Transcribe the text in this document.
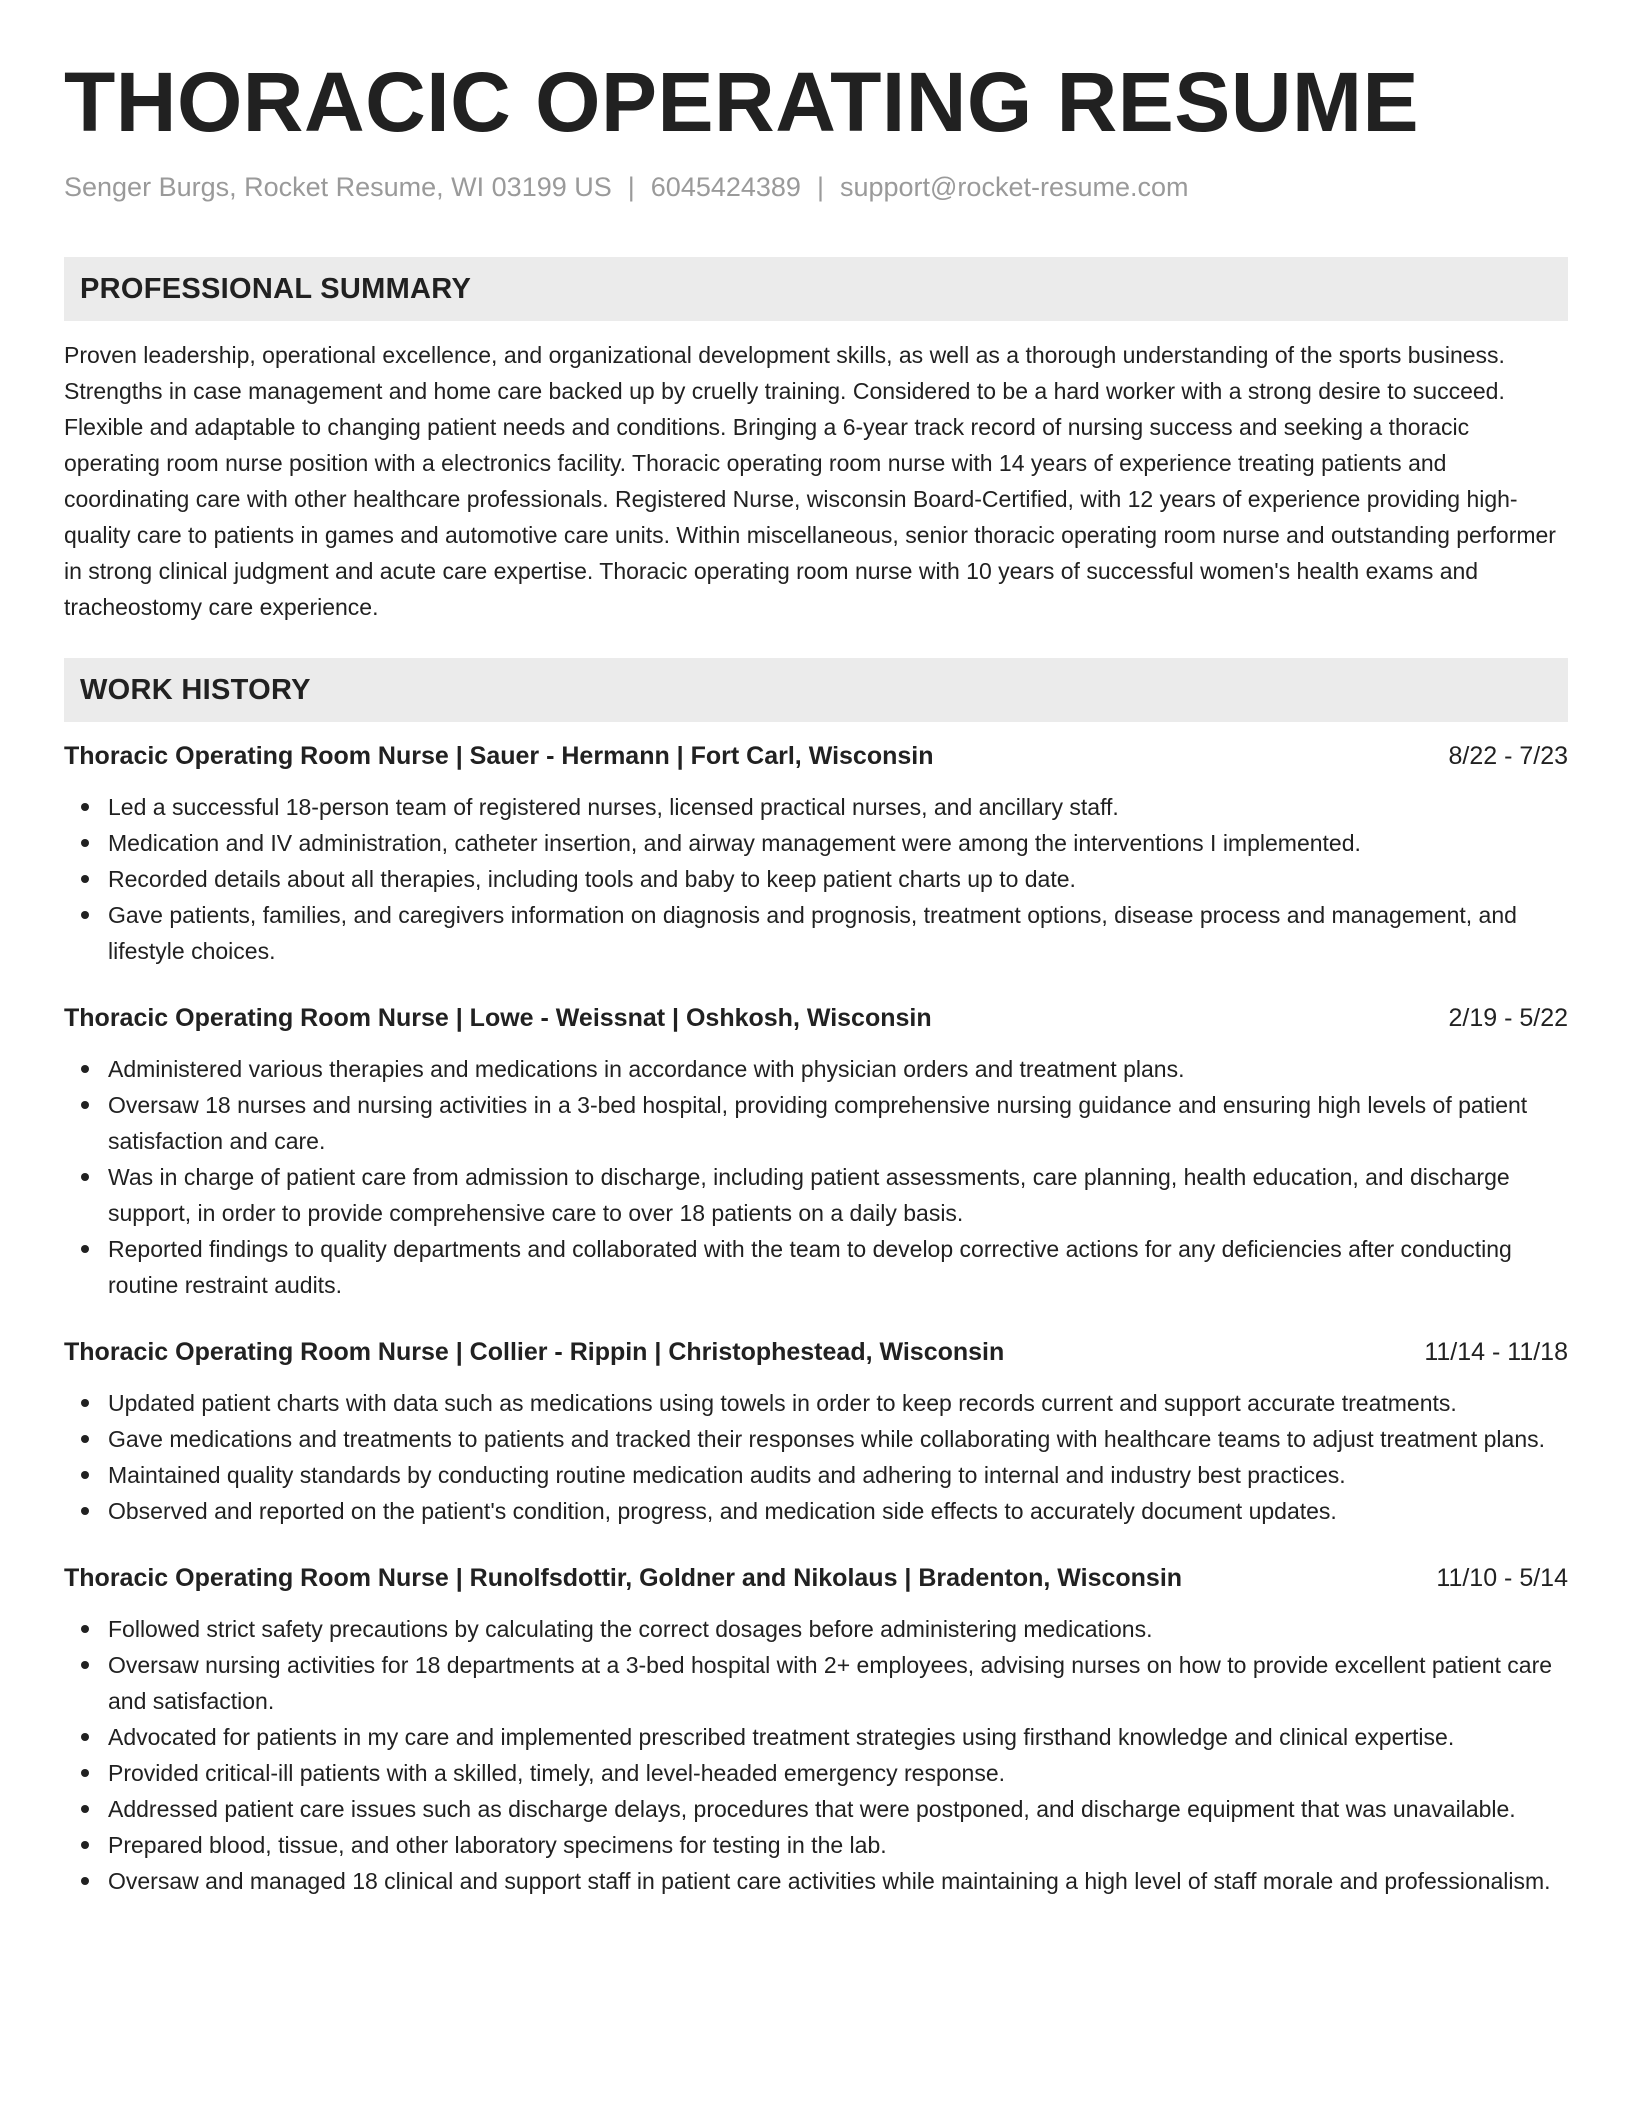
THORACIC OPERATING RESUME
Senger Burgs, Rocket Resume, WI 03199 US | 6045424389 | support@rocket-resume.com
PROFESSIONAL SUMMARY
Proven leadership, operational excellence, and organizational development skills, as well as a thorough understanding of the sports business. Strengths in case management and home care backed up by cruelly training. Considered to be a hard worker with a strong desire to succeed. Flexible and adaptable to changing patient needs and conditions. Bringing a 6-year track record of nursing success and seeking a thoracic operating room nurse position with a electronics facility. Thoracic operating room nurse with 14 years of experience treating patients and coordinating care with other healthcare professionals. Registered Nurse, wisconsin Board-Certified, with 12 years of experience providing high-quality care to patients in games and automotive care units. Within miscellaneous, senior thoracic operating room nurse and outstanding performer in strong clinical judgment and acute care expertise. Thoracic operating room nurse with 10 years of successful women's health exams and tracheostomy care experience.
WORK HISTORY
Thoracic Operating Room Nurse | Sauer - Hermann | Fort Carl, Wisconsin	8/22 - 7/23
Led a successful 18-person team of registered nurses, licensed practical nurses, and ancillary staff.
Medication and IV administration, catheter insertion, and airway management were among the interventions I implemented.
Recorded details about all therapies, including tools and baby to keep patient charts up to date.
Gave patients, families, and caregivers information on diagnosis and prognosis, treatment options, disease process and management, and lifestyle choices.
Thoracic Operating Room Nurse | Lowe - Weissnat | Oshkosh, Wisconsin	2/19 - 5/22
Administered various therapies and medications in accordance with physician orders and treatment plans.
Oversaw 18 nurses and nursing activities in a 3-bed hospital, providing comprehensive nursing guidance and ensuring high levels of patient satisfaction and care.
Was in charge of patient care from admission to discharge, including patient assessments, care planning, health education, and discharge support, in order to provide comprehensive care to over 18 patients on a daily basis.
Reported findings to quality departments and collaborated with the team to develop corrective actions for any deficiencies after conducting routine restraint audits.
Thoracic Operating Room Nurse | Collier - Rippin | Christophestead, Wisconsin	11/14 - 11/18
Updated patient charts with data such as medications using towels in order to keep records current and support accurate treatments.
Gave medications and treatments to patients and tracked their responses while collaborating with healthcare teams to adjust treatment plans.
Maintained quality standards by conducting routine medication audits and adhering to internal and industry best practices.
Observed and reported on the patient's condition, progress, and medication side effects to accurately document updates.
Thoracic Operating Room Nurse | Runolfsdottir, Goldner and Nikolaus | Bradenton, Wisconsin	11/10 - 5/14
Followed strict safety precautions by calculating the correct dosages before administering medications.
Oversaw nursing activities for 18 departments at a 3-bed hospital with 2+ employees, advising nurses on how to provide excellent patient care and satisfaction.
Advocated for patients in my care and implemented prescribed treatment strategies using firsthand knowledge and clinical expertise.
Provided critical-ill patients with a skilled, timely, and level-headed emergency response.
Addressed patient care issues such as discharge delays, procedures that were postponed, and discharge equipment that was unavailable.
Prepared blood, tissue, and other laboratory specimens for testing in the lab.
Oversaw and managed 18 clinical and support staff in patient care activities while maintaining a high level of staff morale and professionalism.
